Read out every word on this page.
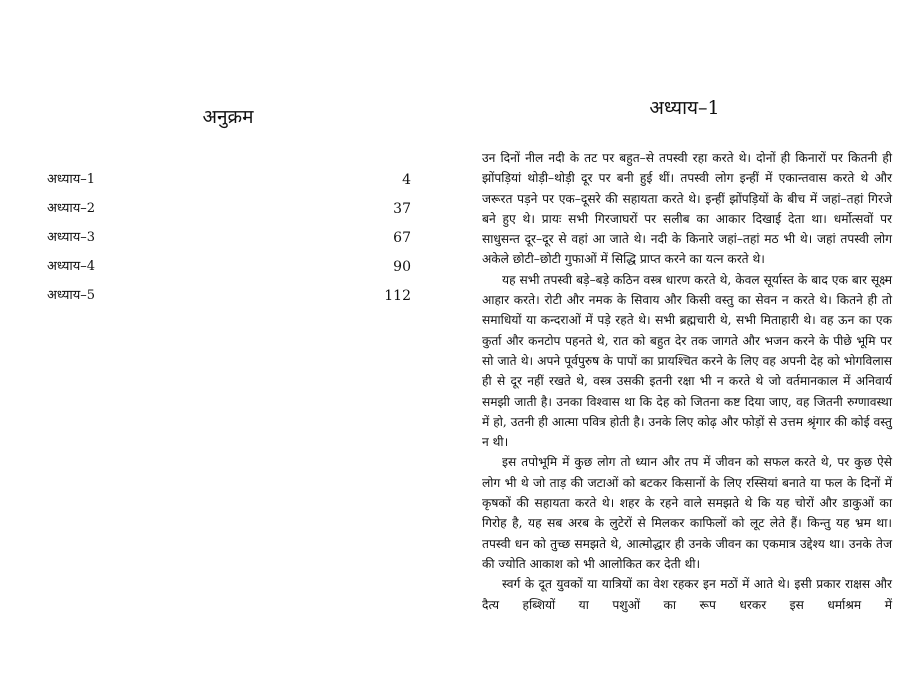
अनुक्रम
अध्याय–1	4
अध्याय–2	37
अध्याय–3	67
अध्याय–4	90
अध्याय–5	112
अध्याय–1

उन दिनों नील नदी के तट पर बहुत–से तपस्वी रहा करते थे। दोनों ही किनारों पर कितनी ही झोंपड़ियां थोड़ी–थोड़ी दूर पर बनी हुई थीं। तपस्वी लोग इन्हीं में एकान्तवास करते थे और जरूरत पड़ने पर एक–दूसरे की सहायता करते थे। इन्हीं झोंपड़ियों के बीच में जहां–तहां गिरजे बने हुए थे। प्रायः सभी गिरजाघरों पर सलीब का आकार दिखाई देता था। धर्मोत्सवों पर साधुसन्त दूर–दूर से वहां आ जाते थे। नदी के किनारे जहां–तहां मठ भी थे। जहां तपस्वी लोग अकेले छोटी–छोटी गुफाओं में सिद्धि प्राप्त करने का यत्न करते थे।

यह सभी तपस्वी बड़े–बड़े कठिन वस्त्र धारण करते थे, केवल सूर्यास्त के बाद एक बार सूक्ष्म आहार करते। रोटी और नमक के सिवाय और किसी वस्तु का सेवन न करते थे। कितने ही तो समाधियों या कन्दराओं में पड़े रहते थे। सभी ब्रह्मचारी थे, सभी मिताहारी थे। वह ऊन का एक कुर्ता और कनटोप पहनते थे, रात को बहुत देर तक जागते और भजन करने के पीछे भूमि पर सो जाते थे। अपने पूर्वपुरुष के पापों का प्रायश्चित करने के लिए वह अपनी देह को भोगविलास ही से दूर नहीं रखते थे, वस्त्र उसकी इतनी रक्षा भी न करते थे जो वर्तमानकाल में अनिवार्य समझी जाती है। उनका विश्वास था कि देह को जितना कष्ट दिया जाए, वह जितनी रुग्णावस्था में हो, उतनी ही आत्मा पवित्र होती है। उनके लिए कोढ़ और फोड़ों से उत्तम श्रृंगार की कोई वस्तु न थी।

इस तपोभूमि में कुछ लोग तो ध्यान और तप में जीवन को सफल करते थे, पर कुछ ऐसे लोग भी थे जो ताड़ की जटाओं को बटकर किसानों के लिए रस्सियां बनाते या फल के दिनों में कृषकों की सहायता करते थे। शहर के रहने वाले समझते थे कि यह चोरों और डाकुओं का गिरोह है, यह सब अरब के लुटेरों से मिलकर काफिलों को लूट लेते हैं। किन्तु यह भ्रम था। तपस्वी धन को तुच्छ समझते थे, आत्मोद्धार ही उनके जीवन का एकमात्र उद्देश्य था। उनके तेज की ज्योति आकाश को भी आलोकित कर देती थी।

स्वर्ग के दूत युवकों या यात्रियों का वेश रहकर इन मठों में आते थे। इसी प्रकार राक्षस और दैत्य हब्शियों या पशुओं का रूप धरकर इस धर्माश्रम में
